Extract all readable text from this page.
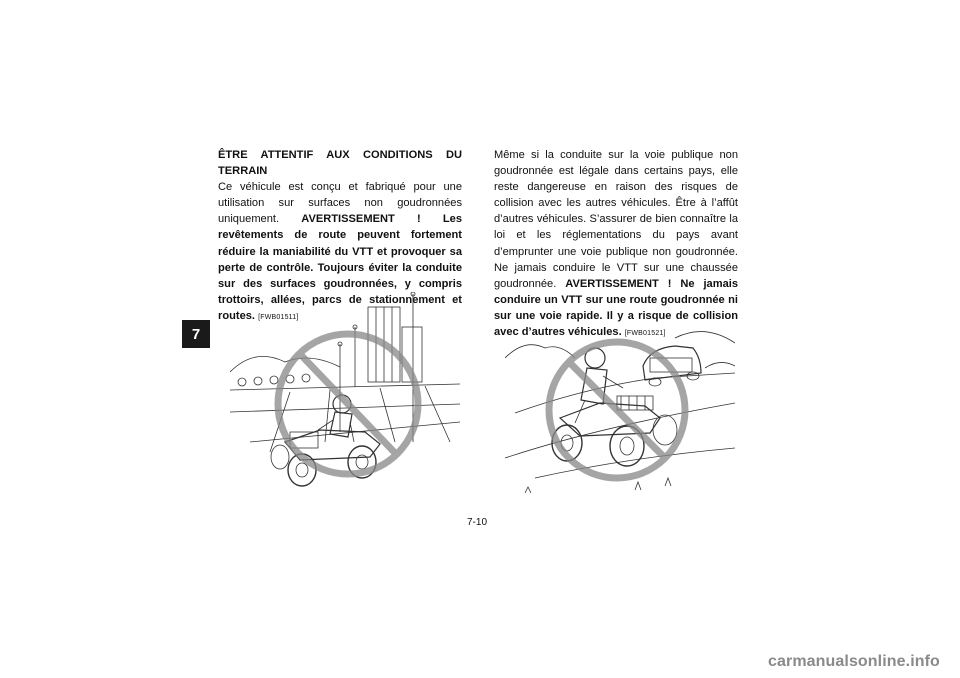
7

ÊTRE ATTENTIF AUX CONDITIONS DU TERRAIN
Ce véhicule est conçu et fabriqué pour une utilisation sur surfaces non goudronnées uniquement. AVERTISSEMENT ! Les revêtements de route peuvent fortement réduire la maniabilité du VTT et provoquer sa perte de contrôle. Toujours éviter la conduite sur des surfaces goudronnées, y compris trottoirs, allées, parcs de stationnement et routes. [FWB01511]

Même si la conduite sur la voie publique non goudronnée est légale dans certains pays, elle reste dangereuse en raison des risques de collision avec les autres véhicules. Être à l’affût d’autres véhicules. S’assurer de bien connaître la loi et les réglementations du pays avant d’emprunter une voie publique non goudronnée. Ne jamais conduire le VTT sur une chaussée goudronnée. AVERTISSEMENT ! Ne jamais conduire un VTT sur une route goudronnée ni sur une voie rapide. Il y a risque de collision avec d’autres véhicules. [FWB01521]

7-10
carmanualsonline.info
